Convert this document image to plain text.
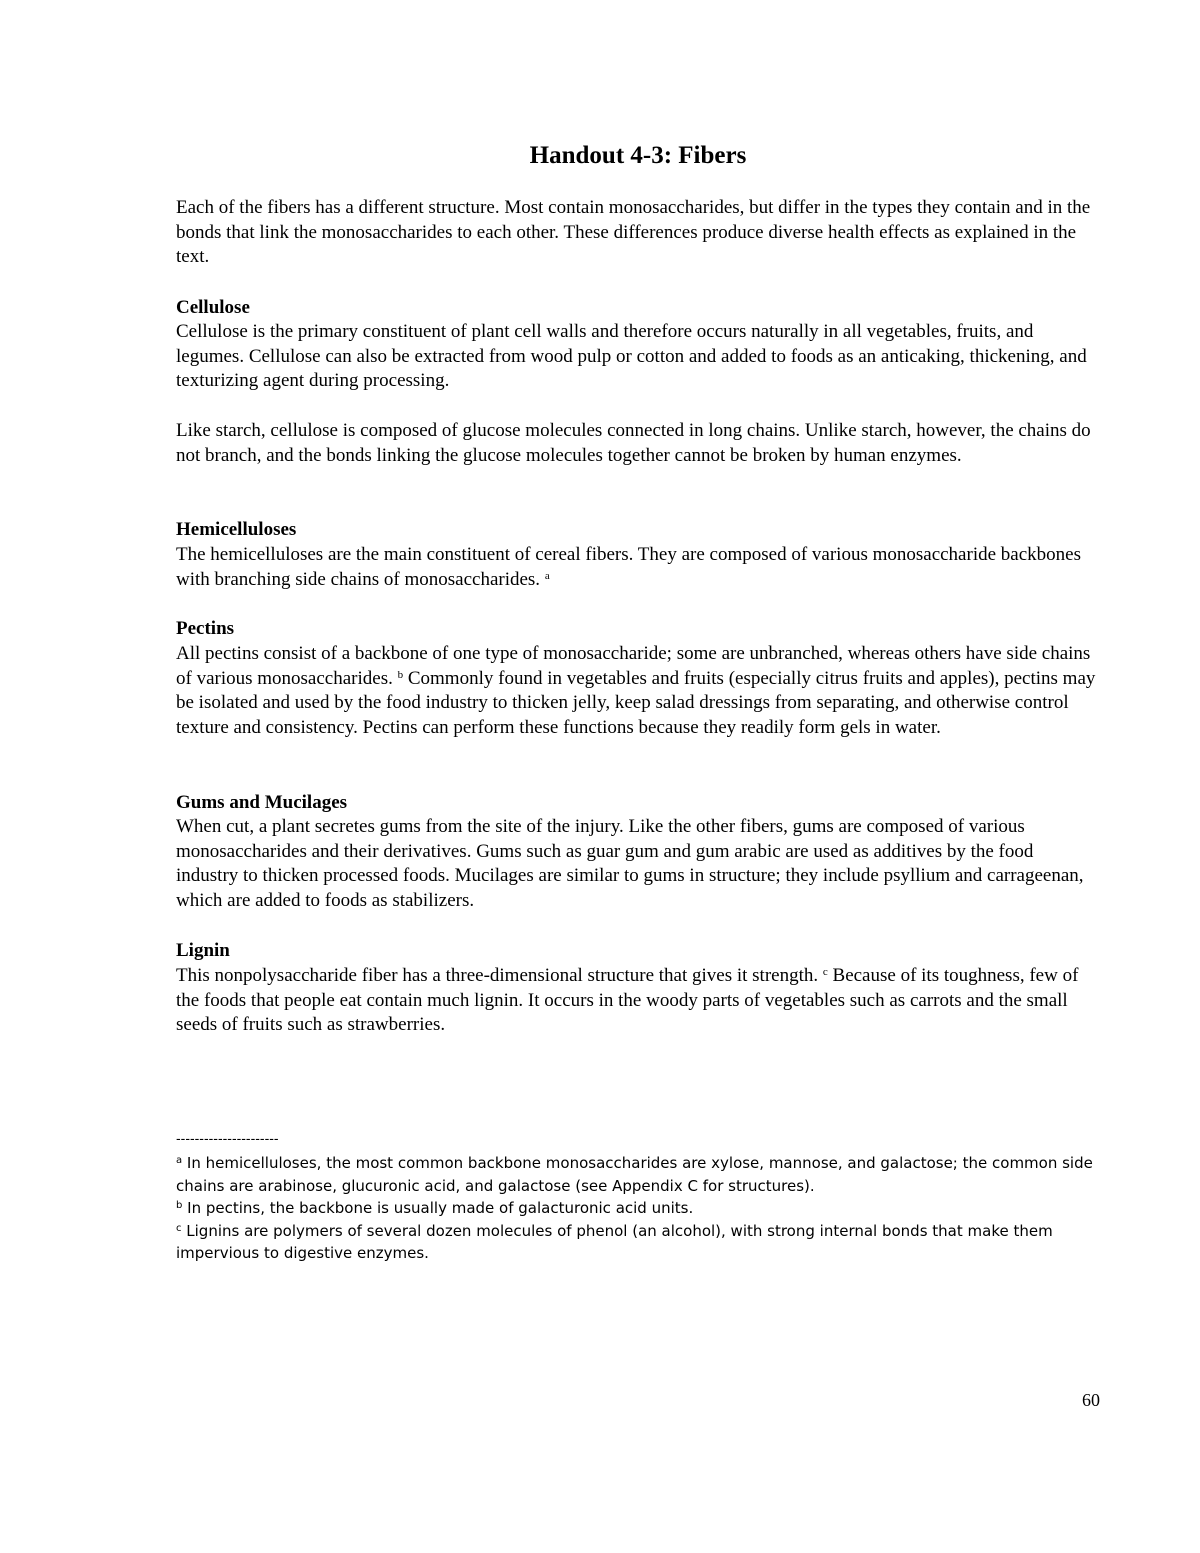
Handout 4-3: Fibers

Each of the fibers has a different structure. Most contain monosaccharides, but differ in the types they contain and in the bonds that link the monosaccharides to each other. These differences produce diverse health effects as explained in the text.

Cellulose

Cellulose is the primary constituent of plant cell walls and therefore occurs naturally in all vegetables, fruits, and legumes. Cellulose can also be extracted from wood pulp or cotton and added to foods as an anticaking, thickening, and texturizing agent during processing.

Like starch, cellulose is composed of glucose molecules connected in long chains. Unlike starch, however, the chains do not branch, and the bonds linking the glucose molecules together cannot be broken by human enzymes.

Hemicelluloses

The hemicelluloses are the main constituent of cereal fibers. They are composed of various monosaccharide backbones with branching side chains of monosaccharides. $^a$

Pectins

All pectins consist of a backbone of one type of monosaccharide; some are unbranched, whereas others have side chains of various monosaccharides. $^b$ Commonly found in vegetables and fruits (especially citrus fruits and apples), pectins may be isolated and used by the food industry to thicken jelly, keep salad dressings from separating, and otherwise control texture and consistency. Pectins can perform these functions because they readily form gels in water.

Gums and Mucilages

When cut, a plant secretes gums from the site of the injury. Like the other fibers, gums are composed of various monosaccharides and their derivatives. Gums such as guar gum and gum arabic are used as additives by the food industry to thicken processed foods. Mucilages are similar to gums in structure; they include psyllium and carrageenan, which are added to foods as stabilizers.

Lignin

This nonpolysaccharide fiber has a three-dimensional structure that gives it strength. $^c$ Because of its toughness, few of the foods that people eat contain much lignin. It occurs in the woody parts of vegetables such as carrots and the small seeds of fruits such as strawberries.

----------------------

$^a$ In hemicelluloses, the most common backbone monosaccharides are xylose, mannose, and galactose; the common side chains are arabinose, glucuronic acid, and galactose (see Appendix C for structures).

$^b$ In pectins, the backbone is usually made of galacturonic acid units.

$^c$ Lignins are polymers of several dozen molecules of phenol (an alcohol), with strong internal bonds that make them impervious to digestive enzymes.

60
